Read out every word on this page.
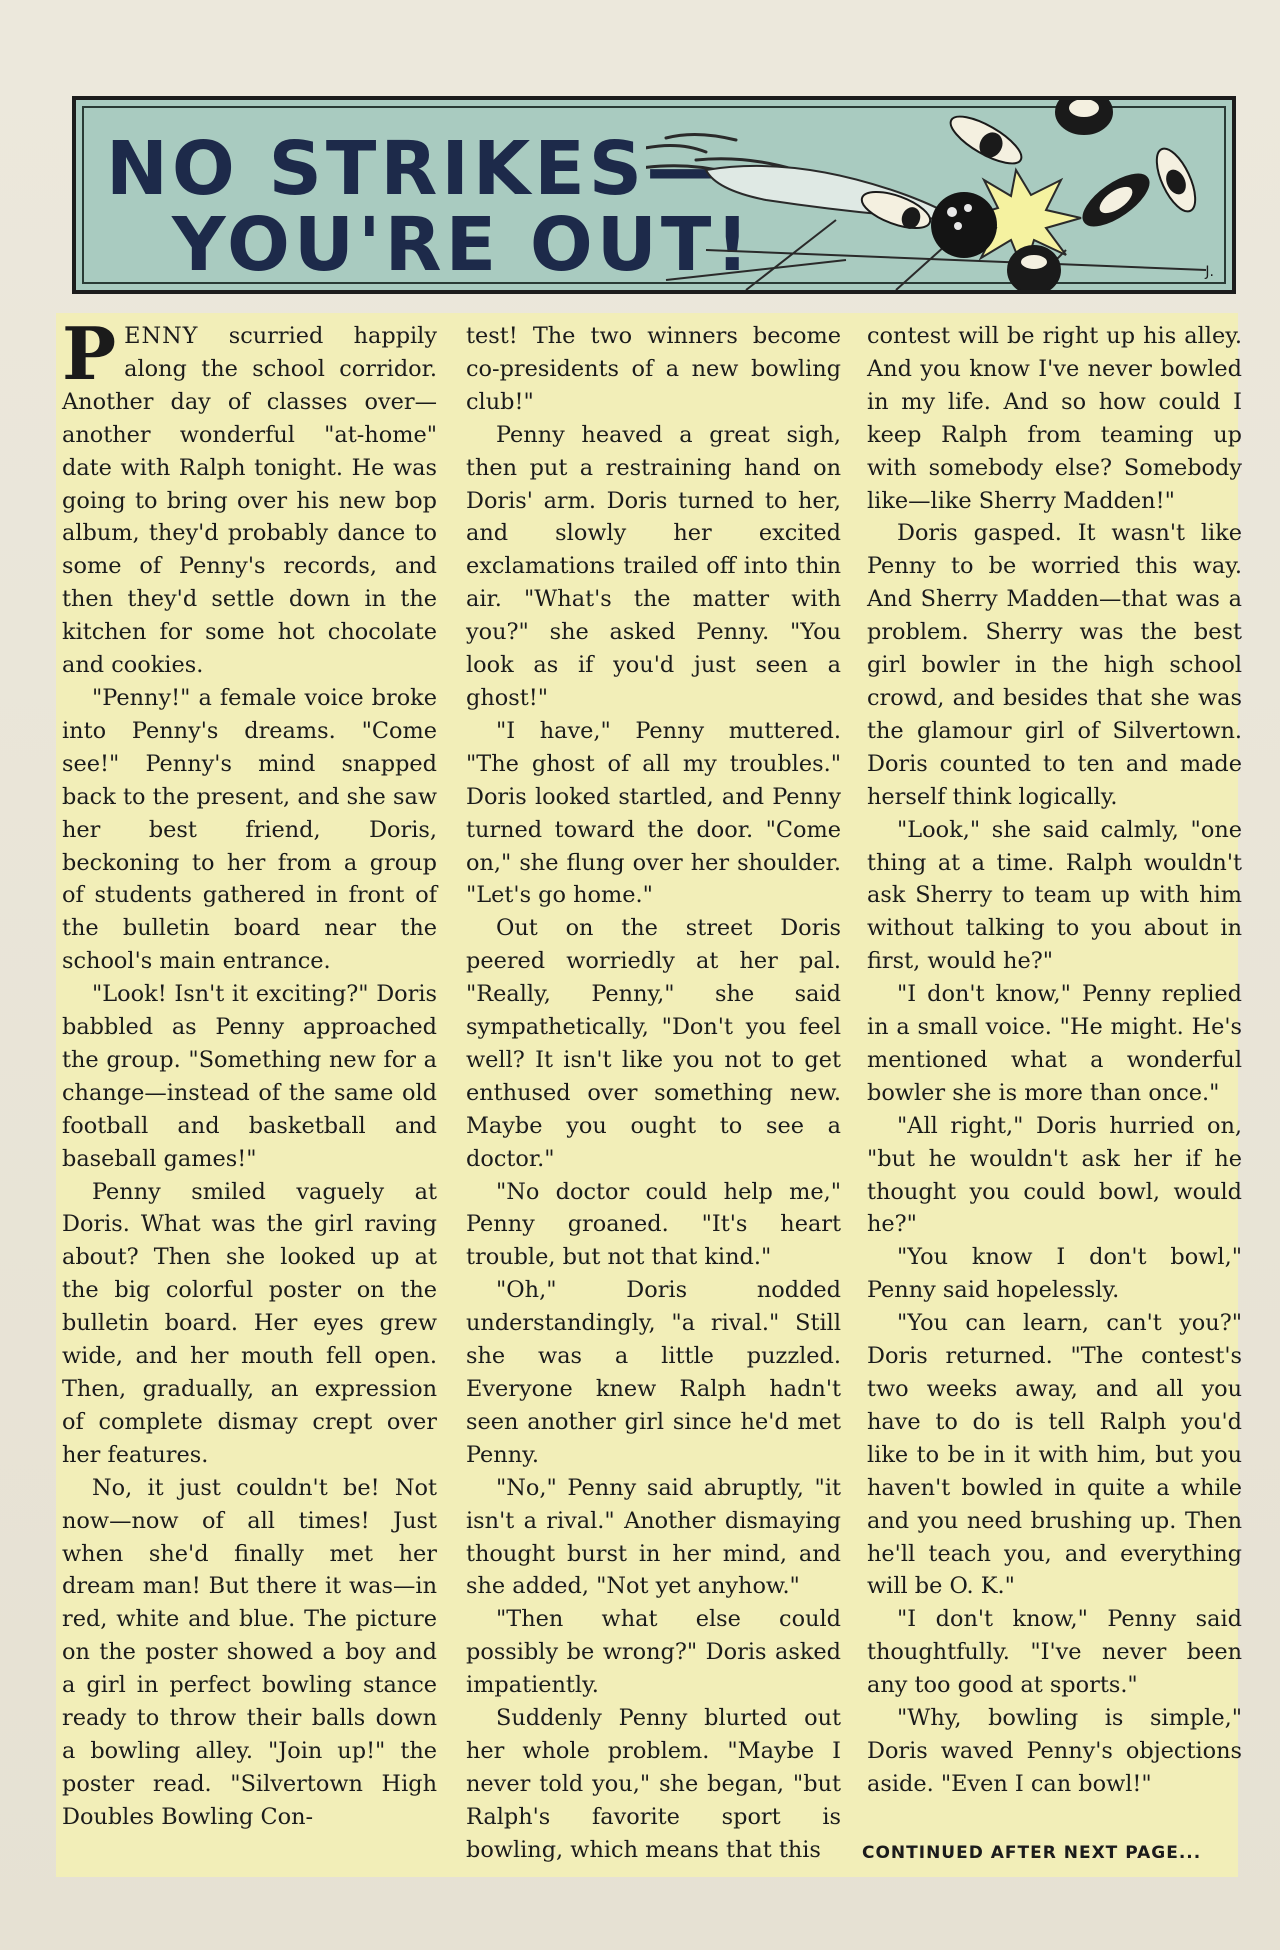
NO STRIKES—
YOU'RE OUT!	J.

PENNY scurried happily along the school corridor. Another day of classes over—another wonderful "at-home" date with Ralph tonight. He was going to bring over his new bop album, they'd probably dance to some of Penny's records, and then they'd settle down in the kitchen for some hot chocolate and cookies.

"Penny!" a female voice broke into Penny's dreams. "Come see!" Penny's mind snapped back to the present, and she saw her best friend, Doris, beckoning to her from a group of students gathered in front of the bulletin board near the school's main entrance.

"Look! Isn't it exciting?" Doris babbled as Penny approached the group. "Something new for a change—instead of the same old football and basketball and baseball games!"

Penny smiled vaguely at Doris. What was the girl raving about? Then she looked up at the big colorful poster on the bulletin board. Her eyes grew wide, and her mouth fell open. Then, gradually, an expression of complete dismay crept over her features.

No, it just couldn't be! Not now—now of all times! Just when she'd finally met her dream man! But there it was—in red, white and blue. The picture on the poster showed a boy and a girl in perfect bowling stance ready to throw their balls down a bowling alley. "Join up!" the poster read. "Silvertown High Doubles Bowling Con-

test! The two winners become co-presidents of a new bowling club!"

Penny heaved a great sigh, then put a restraining hand on Doris' arm. Doris turned to her, and slowly her excited exclamations trailed off into thin air. "What's the matter with you?" she asked Penny. "You look as if you'd just seen a ghost!"

"I have," Penny muttered. "The ghost of all my troubles." Doris looked startled, and Penny turned toward the door. "Come on," she flung over her shoulder. "Let's go home."

Out on the street Doris peered worriedly at her pal. "Really, Penny," she said sympathetically, "Don't you feel well? It isn't like you not to get enthused over something new. Maybe you ought to see a doctor."

"No doctor could help me," Penny groaned. "It's heart trouble, but not that kind."

"Oh," Doris nodded understandingly, "a rival." Still she was a little puzzled. Everyone knew Ralph hadn't seen another girl since he'd met Penny.

"No," Penny said abruptly, "it isn't a rival." Another dismaying thought burst in her mind, and she added, "Not yet anyhow."

"Then what else could possibly be wrong?" Doris asked impatiently.

Suddenly Penny blurted out her whole problem. "Maybe I never told you," she began, "but Ralph's favorite sport is bowling, which means that this

contest will be right up his alley. And you know I've never bowled in my life. And so how could I keep Ralph from teaming up with somebody else? Somebody like—like Sherry Madden!"

Doris gasped. It wasn't like Penny to be worried this way. And Sherry Madden—that was a problem. Sherry was the best girl bowler in the high school crowd, and besides that she was the glamour girl of Silvertown. Doris counted to ten and made herself think logically.

"Look," she said calmly, "one thing at a time. Ralph wouldn't ask Sherry to team up with him without talking to you about in first, would he?"

"I don't know," Penny replied in a small voice. "He might. He's mentioned what a wonderful bowler she is more than once."

"All right," Doris hurried on, "but he wouldn't ask her if he thought you could bowl, would he?"

"You know I don't bowl," Penny said hopelessly.

"You can learn, can't you?" Doris returned. "The contest's two weeks away, and all you have to do is tell Ralph you'd like to be in it with him, but you haven't bowled in quite a while and you need brushing up. Then he'll teach you, and everything will be O. K."

"I don't know," Penny said thoughtfully. "I've never been any too good at sports."

"Why, bowling is simple," Doris waved Penny's objections aside. "Even I can bowl!"

CONTINUED AFTER NEXT PAGE...
